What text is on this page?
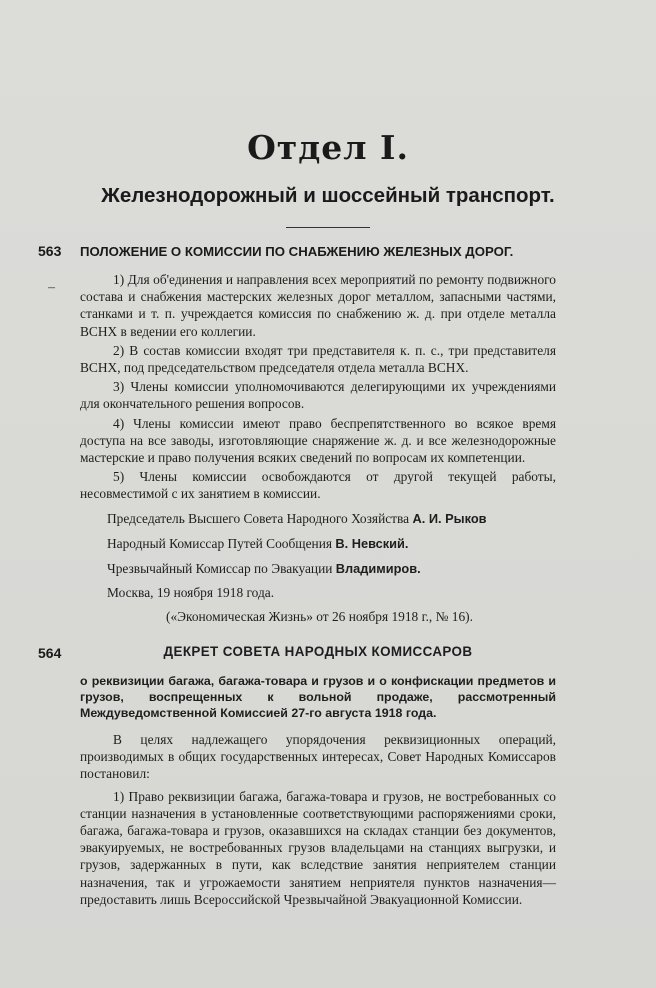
Отдел I.
Железнодорожный и шоссейный транспорт.
563 ПОЛОЖЕНИЕ О КОМИССИИ ПО СНАБЖЕНИЮ ЖЕЛЕЗНЫХ ДОРОГ.
–

1) Для об'единения и направления всех мероприятий по ремонту подвижного состава и снабжения мастерских железных дорог металлом, запасными частями, станками и т. п. учреждается комиссия по снабжению ж. д. при отделе металла ВСНХ в ведении его коллегии.

2) В состав комиссии входят три представителя к. п. с., три представителя ВСНХ, под председательством председателя отдела металла ВСНХ.

3) Члены комиссии уполномочиваются делегирующими их учреждениями для окончательного решения вопросов.

4) Члены комиссии имеют право беспрепятственного во всякое время доступа на все заводы, изготовляющие снаряжение ж. д. и все железнодорожные мастерские и право получения всяких сведений по вопросам их компетенции.

5) Члены комиссии освобождаются от другой текущей работы, несовместимой с их занятием в комиссии.

Председатель Высшего Совета Народного Хозяйства А. И. Рыков
Народный Комиссар Путей Сообщения В. Невский.
Чрезвычайный Комиссар по Эвакуации Владимиров.
Москва, 19 ноября 1918 года.
(«Экономическая Жизнь» от 26 ноября 1918 г., № 16).
564	ДЕКРЕТ СОВЕТА НАРОДНЫХ КОМИССАРОВ
о реквизиции багажа, багажа-товара и грузов и о конфискации предметов и грузов, воспрещенных к вольной продаже, рассмотренный Междуведомственной Комиссией 27-го августа 1918 года.

В целях надлежащего упорядочения реквизиционных операций, производимых в общих государственных интересах, Совет Народных Комиссаров постановил:

1) Право реквизиции багажа, багажа-товара и грузов, не востребованных со станции назначения в установленные соответствующими распоряжениями сроки, багажа, багажа-товара и грузов, оказавшихся на складах станции без документов, эвакуируемых, не востребованных грузов владельцами на станциях выгрузки, и грузов, задержанных в пути, как вследствие занятия неприятелем станции назначения, так и угрожаемости занятием неприятеля пунктов назначения—предоставить лишь Всероссийской Чрезвычайной Эвакуационной Комиссии.
